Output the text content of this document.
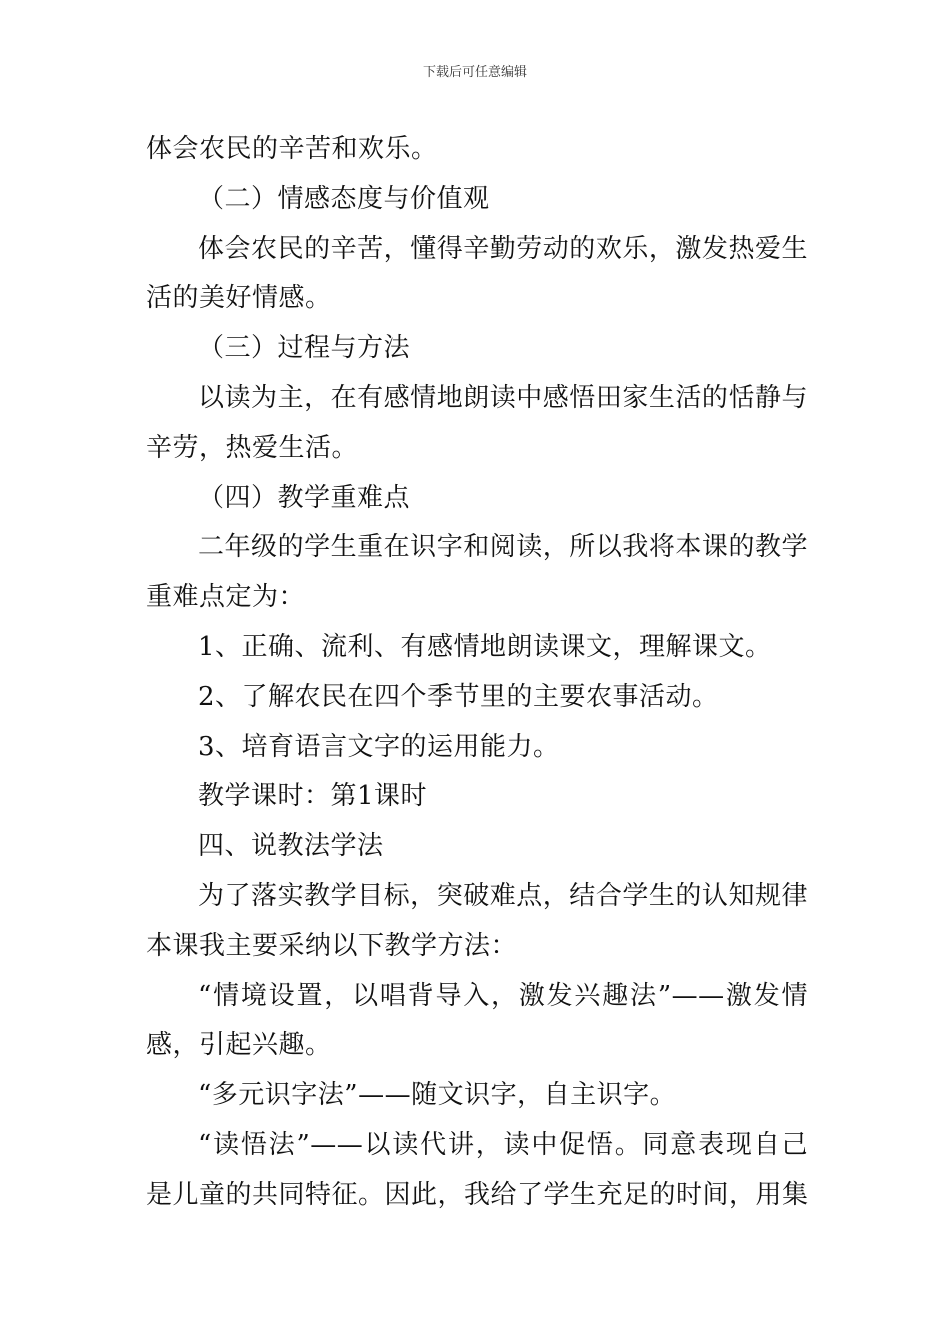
下载后可任意编辑
体会农民的辛苦和欢乐。
（二）情感态度与价值观
体会农民的辛苦，懂得辛勤劳动的欢乐，激发热爱生
活的美好情感。
（三）过程与方法
以读为主，在有感情地朗读中感悟田家生活的恬静与
辛劳，热爱生活。
（四）教学重难点
二年级的学生重在识字和阅读，所以我将本课的教学
重难点定为：
1、正确、流利、有感情地朗读课文，理解课文。
2、了解农民在四个季节里的主要农事活动。
3、培育语言文字的运用能力。
教学课时：第1课时
四、说教法学法
为了落实教学目标，突破难点，结合学生的认知规律
本课我主要采纳以下教学方法：
“情境设置，以唱背导入，激发兴趣法”——激发情
感，引起兴趣。
“多元识字法”——随文识字，自主识字。
“读悟法”——以读代讲，读中促悟。同意表现自己
是儿童的共同特征。因此，我给了学生充足的时间，用集
